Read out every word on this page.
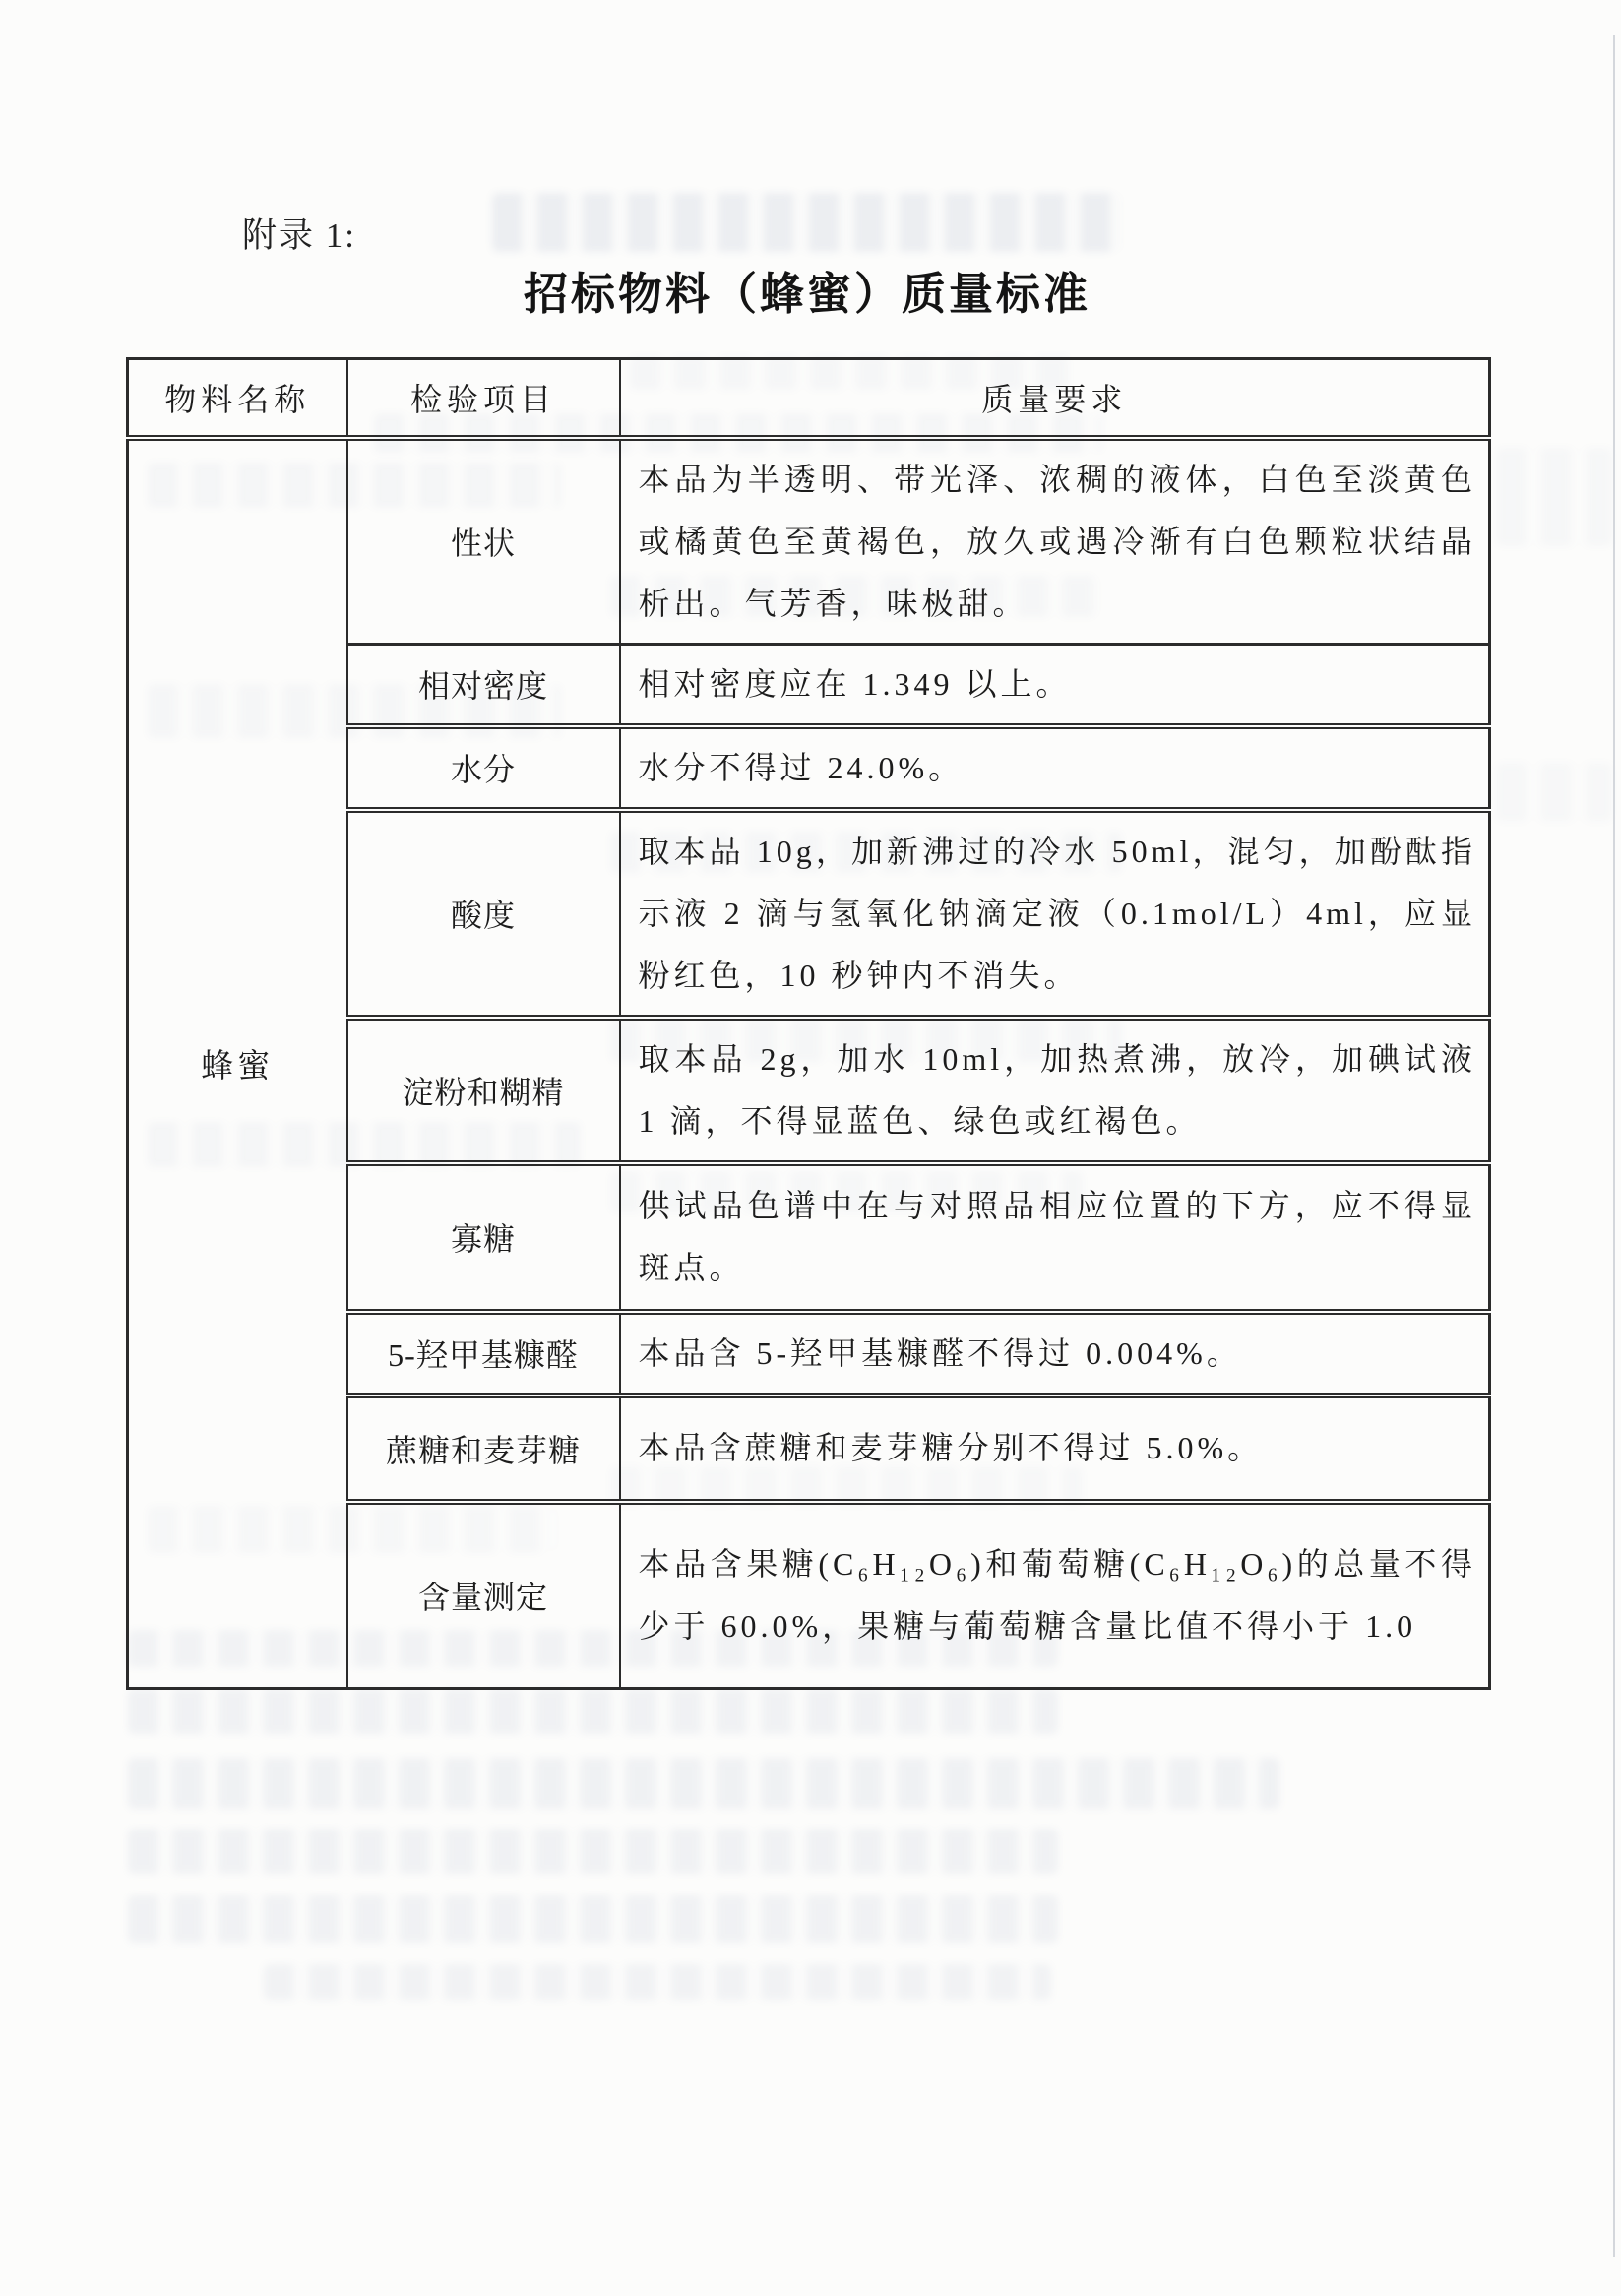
附录 1:
招标物料（蜂蜜）质量标准
物料名称	检验项目	质量要求
蜂蜜	性状	本品为半透明、带光泽、浓稠的液体，白色至淡黄色或橘黄色至黄褐色，放久或遇冷渐有白色颗粒状结晶析出。气芳香，味极甜。
	相对密度	相对密度应在 1.349 以上。
	水分	水分不得过 24.0%。
	酸度	取本品 10g，加新沸过的冷水 50ml，混匀，加酚酞指示液 2 滴与氢氧化钠滴定液（0.1mol/L）4ml，应显粉红色，10 秒钟内不消失。
	淀粉和糊精	取本品 2g，加水 10ml，加热煮沸，放冷，加碘试液 1 滴，不得显蓝色、绿色或红褐色。
	寡糖	供试品色谱中在与对照品相应位置的下方，应不得显斑点。
	5-羟甲基糠醛	本品含 5-羟甲基糠醛不得过 0.004%。
	蔗糖和麦芽糖	本品含蔗糖和麦芽糖分别不得过 5.0%。
	含量测定	本品含果糖(C₆H₁₂O₆)和葡萄糖(C₆H₁₂O₆)的总量不得少于 60.0%，果糖与葡萄糖含量比值不得小于 1.0
